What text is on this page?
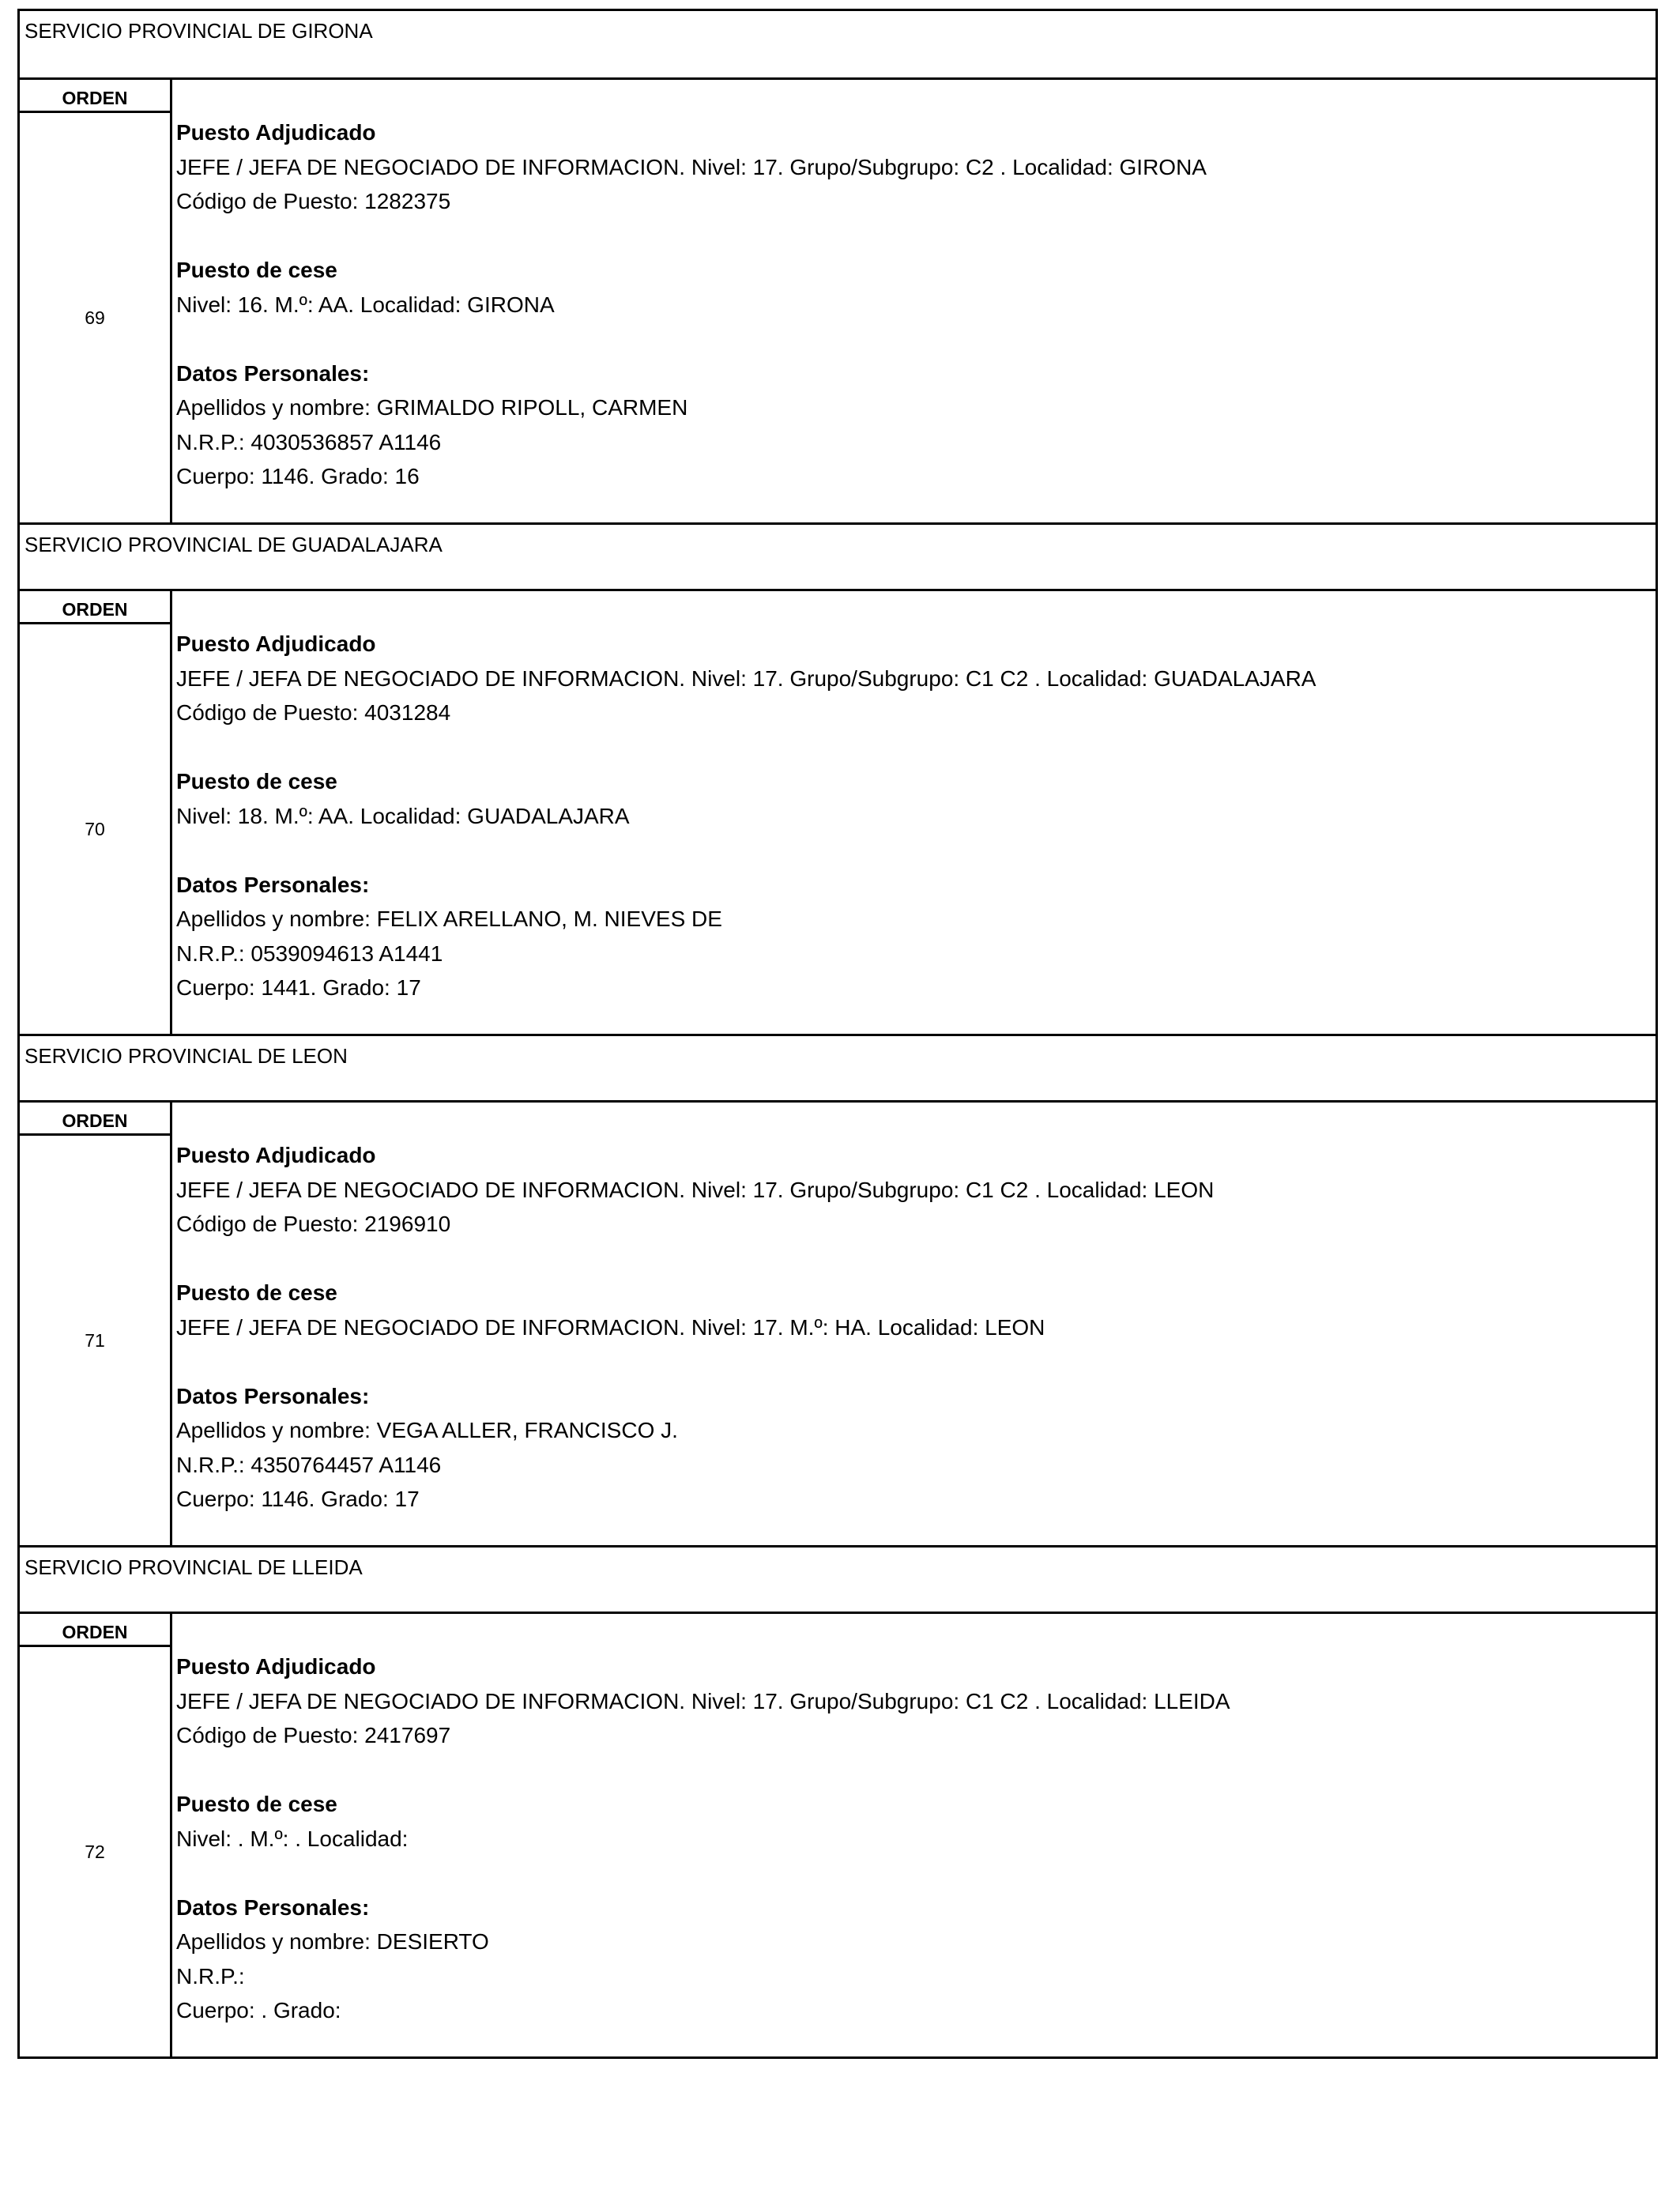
SERVICIO PROVINCIAL DE GIRONA
ORDEN
69
Puesto Adjudicado
JEFE / JEFA DE NEGOCIADO DE INFORMACION. Nivel: 17. Grupo/Subgrupo: C2 . Localidad: GIRONA
Código de Puesto: 1282375
Puesto de cese
Nivel: 16. M.º: AA. Localidad: GIRONA
Datos Personales:
Apellidos y nombre: GRIMALDO RIPOLL, CARMEN
N.R.P.: 4030536857 A1146
Cuerpo: 1146. Grado: 16
SERVICIO PROVINCIAL DE GUADALAJARA
ORDEN
70
Puesto Adjudicado
JEFE / JEFA DE NEGOCIADO DE INFORMACION. Nivel: 17. Grupo/Subgrupo: C1 C2 . Localidad: GUADALAJARA
Código de Puesto: 4031284
Puesto de cese
Nivel: 18. M.º: AA. Localidad: GUADALAJARA
Datos Personales:
Apellidos y nombre: FELIX ARELLANO, M. NIEVES DE
N.R.P.: 0539094613 A1441
Cuerpo: 1441. Grado: 17
SERVICIO PROVINCIAL DE LEON
ORDEN
71
Puesto Adjudicado
JEFE / JEFA DE NEGOCIADO DE INFORMACION. Nivel: 17. Grupo/Subgrupo: C1 C2 . Localidad: LEON
Código de Puesto: 2196910
Puesto de cese
JEFE / JEFA DE NEGOCIADO DE INFORMACION. Nivel: 17. M.º: HA. Localidad: LEON
Datos Personales:
Apellidos y nombre: VEGA ALLER, FRANCISCO J.
N.R.P.: 4350764457 A1146
Cuerpo: 1146. Grado: 17
SERVICIO PROVINCIAL DE LLEIDA
ORDEN
72
Puesto Adjudicado
JEFE / JEFA DE NEGOCIADO DE INFORMACION. Nivel: 17. Grupo/Subgrupo: C1 C2 . Localidad: LLEIDA
Código de Puesto: 2417697
Puesto de cese
Nivel: . M.º: . Localidad:
Datos Personales:
Apellidos y nombre: DESIERTO
N.R.P.:
Cuerpo: . Grado:
